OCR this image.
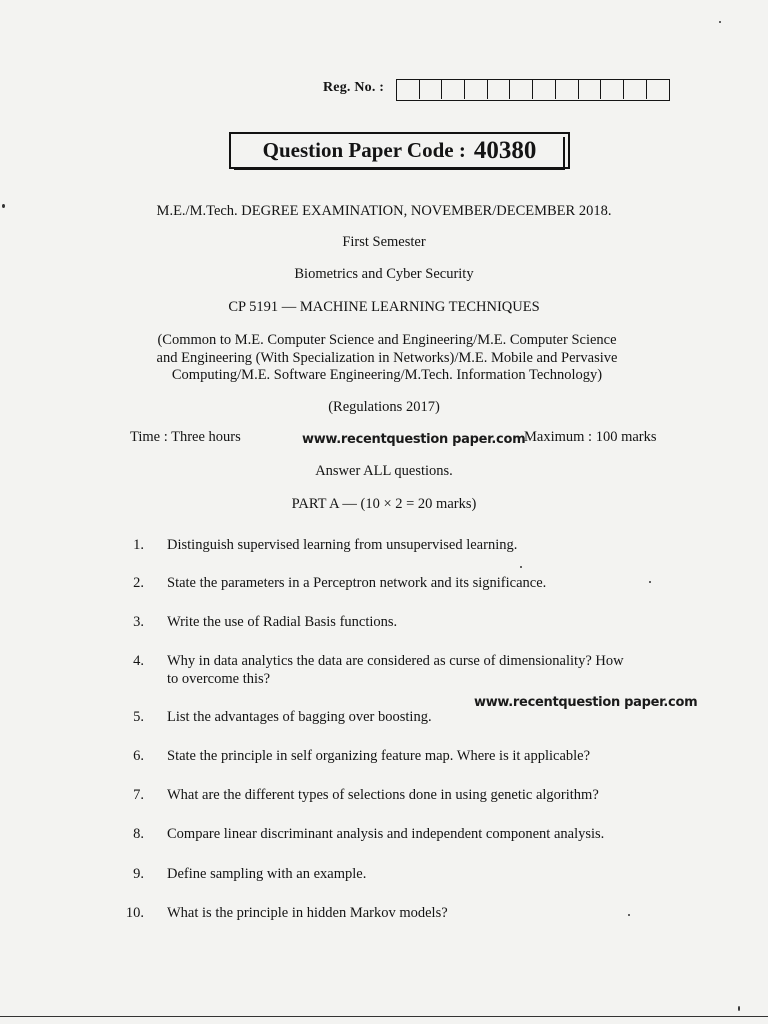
Reg. No. :
Question Paper Code : 40380
M.E./M.Tech. DEGREE EXAMINATION, NOVEMBER/DECEMBER 2018.
First Semester
Biometrics and Cyber Security
CP 5191 — MACHINE LEARNING TECHNIQUES
(Common to M.E. Computer Science and Engineering/M.E. Computer Science
and Engineering (With Specialization in Networks)/M.E. Mobile and Pervasive
Computing/M.E. Software Engineering/M.Tech. Information Technology)
(Regulations 2017)
Time : Three hours	www.recentquestion paper.com
Maximum : 100 marks
Answer ALL questions.
PART A — (10 × 2 = 20 marks)
1. Distinguish supervised learning from unsupervised learning.
2. State the parameters in a Perceptron network and its significance.
3. Write the use of Radial Basis functions.
4. Why in data analytics the data are considered as curse of dimensionality? How
to overcome this?
5. List the advantages of bagging over boosting.
6. State the principle in self organizing feature map. Where is it applicable?
7. What are the different types of selections done in using genetic algorithm?
8. Compare linear discriminant analysis and independent component analysis.
9. Define sampling with an example.
10. What is the principle in hidden Markov models?
www.recentquestion paper.com
